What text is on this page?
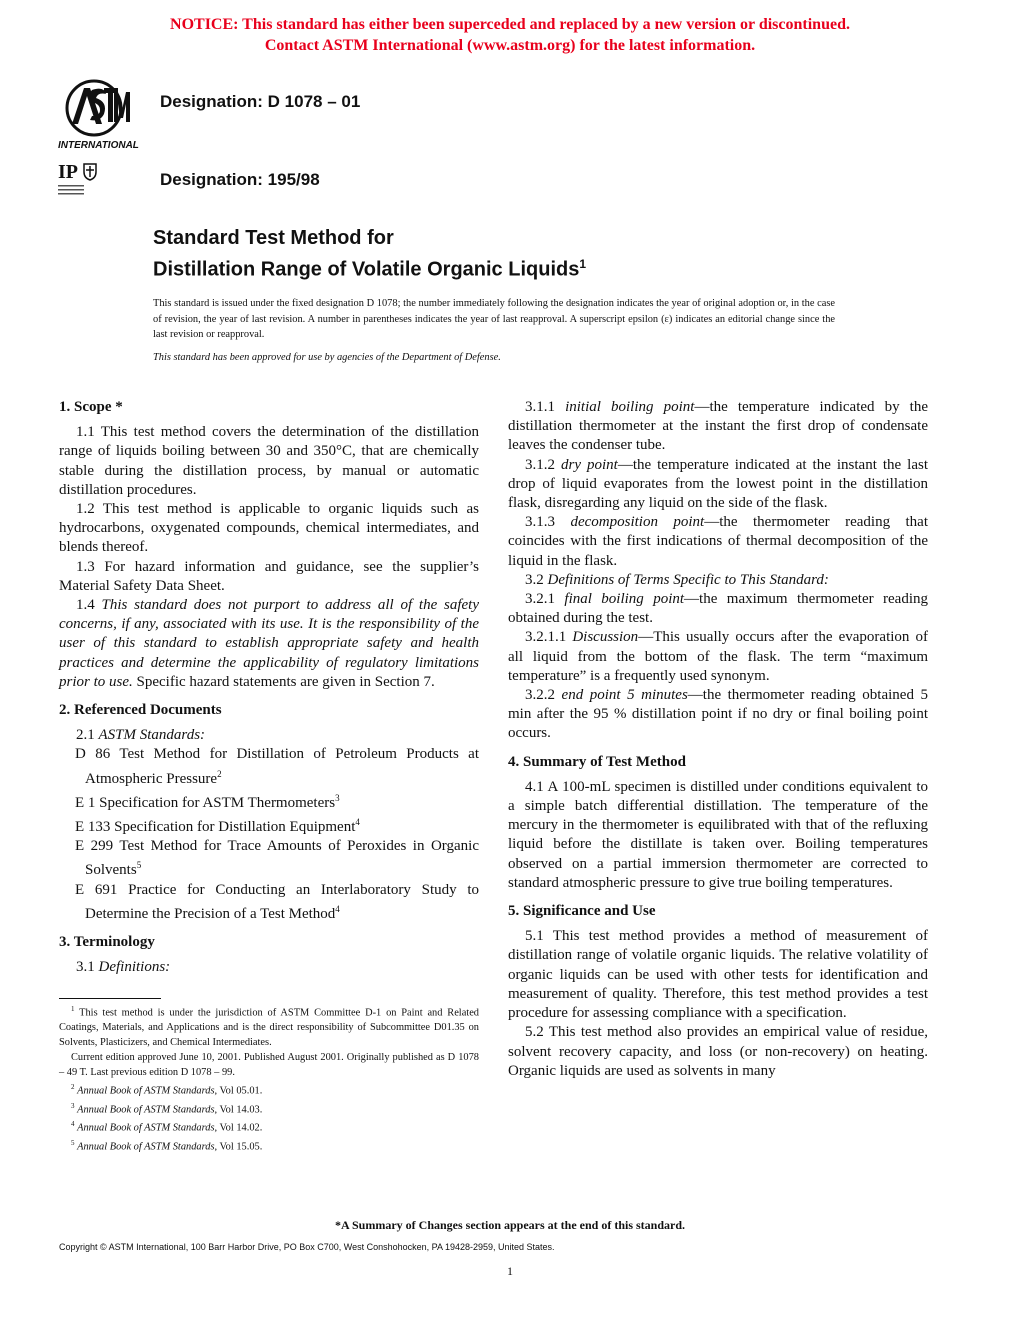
NOTICE: This standard has either been superceded and replaced by a new version or discontinued.
Contact ASTM International (www.astm.org) for the latest information.
INTERNATIONAL
IP
Designation: D 1078 – 01
Designation: 195/98
Standard Test Method for
Distillation Range of Volatile Organic Liquids$^1$
This standard is issued under the fixed designation D 1078; the number immediately following the designation indicates the year of original adoption or, in the case of revision, the year of last revision. A number in parentheses indicates the year of last reapproval. A superscript epsilon (ε) indicates an editorial change since the last revision or reapproval.
This standard has been approved for use by agencies of the Department of Defense.
1. Scope *

1.1 This test method covers the determination of the distillation range of liquids boiling between 30 and 350°C, that are chemically stable during the distillation process, by manual or automatic distillation procedures.

1.2 This test method is applicable to organic liquids such as hydrocarbons, oxygenated compounds, chemical intermediates, and blends thereof.

1.3 For hazard information and guidance, see the supplier’s Material Safety Data Sheet.

1.4 This standard does not purport to address all of the safety concerns, if any, associated with its use. It is the responsibility of the user of this standard to establish appropriate safety and health practices and determine the applicability of regulatory limitations prior to use. Specific hazard statements are given in Section 7.

2. Referenced Documents

2.1 ASTM Standards:

D 86 Test Method for Distillation of Petroleum Products at Atmospheric Pressure$^2$

E 1 Specification for ASTM Thermometers$^3$

E 133 Specification for Distillation Equipment$^4$

E 299 Test Method for Trace Amounts of Peroxides in Organic Solvents$^5$

E 691 Practice for Conducting an Interlaboratory Study to Determine the Precision of a Test Method$^4$

3. Terminology

3.1 Definitions:

$^1$ This test method is under the jurisdiction of ASTM Committee D-1 on Paint and Related Coatings, Materials, and Applications and is the direct responsibility of Subcommittee D01.35 on Solvents, Plasticizers, and Chemical Intermediates.

Current edition approved June 10, 2001. Published August 2001. Originally published as D 1078 – 49 T. Last previous edition D 1078 – 99.

$^2$ Annual Book of ASTM Standards, Vol 05.01.

$^3$ Annual Book of ASTM Standards, Vol 14.03.

$^4$ Annual Book of ASTM Standards, Vol 14.02.

$^5$ Annual Book of ASTM Standards, Vol 15.05.

3.1.1 initial boiling point—the temperature indicated by the distillation thermometer at the instant the first drop of condensate leaves the condenser tube.

3.1.2 dry point—the temperature indicated at the instant the last drop of liquid evaporates from the lowest point in the distillation flask, disregarding any liquid on the side of the flask.

3.1.3 decomposition point—the thermometer reading that coincides with the first indications of thermal decomposition of the liquid in the flask.

3.2 Definitions of Terms Specific to This Standard:

3.2.1 final boiling point—the maximum thermometer reading obtained during the test.

3.2.1.1 Discussion—This usually occurs after the evaporation of all liquid from the bottom of the flask. The term “maximum temperature” is a frequently used synonym.

3.2.2 end point 5 minutes—the thermometer reading obtained 5 min after the 95 % distillation point if no dry or final boiling point occurs.

4. Summary of Test Method

4.1 A 100-mL specimen is distilled under conditions equivalent to a simple batch differential distillation. The temperature of the mercury in the thermometer is equilibrated with that of the refluxing liquid before the distillate is taken over. Boiling temperatures observed on a partial immersion thermometer are corrected to standard atmospheric pressure to give true boiling temperatures.

5. Significance and Use

5.1 This test method provides a method of measurement of distillation range of volatile organic liquids. The relative volatility of organic liquids can be used with other tests for identification and measurement of quality. Therefore, this test method provides a test procedure for assessing compliance with a specification.

5.2 This test method also provides an empirical value of residue, solvent recovery capacity, and loss (or non-recovery) on heating. Organic liquids are used as solvents in many

*A Summary of Changes section appears at the end of this standard.
Copyright © ASTM International, 100 Barr Harbor Drive, PO Box C700, West Conshohocken, PA 19428-2959, United States.
1
